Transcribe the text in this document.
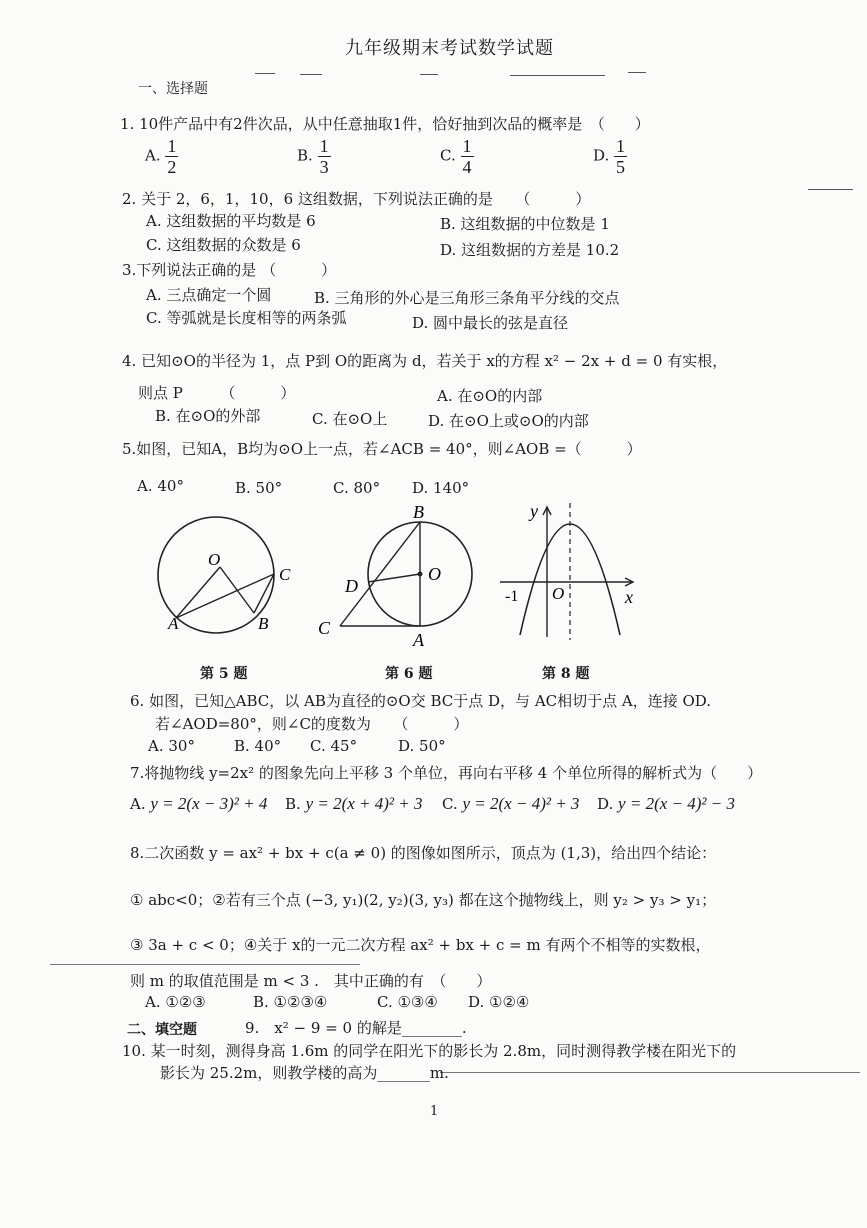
九年级期末考试数学试题
一、选择题
1. 10件产品中有2件次品，从中任意抽取1件，恰好抽到次品的概率是　（　　）
A. $\frac{1}{2}$	B. $\frac{1}{3}$	C. $\frac{1}{4}$	D. $\frac{1}{5}$
2. 关于 2，6，1，10，6 这组数据，下列说法正确的是　　（　　　）
A. 这组数据的平均数是 6	B. 这组数据的中位数是 1
C. 这组数据的众数是 6	D. 这组数据的方差是 10.2
3.下列说法正确的是 （　　　）
A. 三点确定一个圆	B. 三角形的外心是三角形三条角平分线的交点
C. 等弧就是长度相等的两条弧	D. 圆中最长的弦是直径
4. 已知⊙O的半径为 1，点 P到 O的距离为 d，若关于 x的方程 x² − 2x + d = 0 有实根，
则点 P　　　（　　　）	A. 在⊙O的内部
B. 在⊙O的外部	C. 在⊙O上	D. 在⊙O上或⊙O的内部
5.如图，已知A，B均为⊙O上一点，若∠ACB = 40°，则∠AOB =（　　　）
A. 40°	B. 50°	C. 80° D. 140°
O
A	B
C
第 5 题
B
O
D
C
A
第 6 题
y
x
O
-1
第 8 题
6. 如图，已知△ABC，以 AB为直径的⊙O交 BC于点 D，与 AC相切于点 A，连接 OD.
若∠AOD=80°，则∠C的度数为　　（　　　）
A. 30°	B. 40° C. 45°	D. 50°
7.将抛物线 y=2x² 的图象先向上平移 3 个单位，再向右平移 4 个单位所得的解析式为（　　）
A. y = 2(x − 3)² + 4 B. y = 2(x + 4)² + 3 C. y = 2(x − 4)² + 3 D. y = 2(x − 4)² − 3
8.二次函数 y = ax² + bx + c(a ≠ 0) 的图像如图所示，顶点为 (1,3)，给出四个结论：
① abc<0；②若有三个点 (−3, y₁)(2, y₂)(3, y₃) 都在这个抛物线上，则 y₂ > y₃ > y₁；
③ 3a + c < 0；④关于 x的一元二次方程 ax² + bx + c = m 有两个不相等的实数根，
则 m 的取值范围是 m < 3 .　其中正确的有　（　　）
A. ①②③	B. ①②③④	C. ①③④ D. ①②④
二、填空题	9.　x² − 9 = 0 的解是________.
10. 某一时刻，测得身高 1.6m 的同学在阳光下的影长为 2.8m，同时测得教学楼在阳光下的
影长为 25.2m，则教学楼的高为_______m.
1
